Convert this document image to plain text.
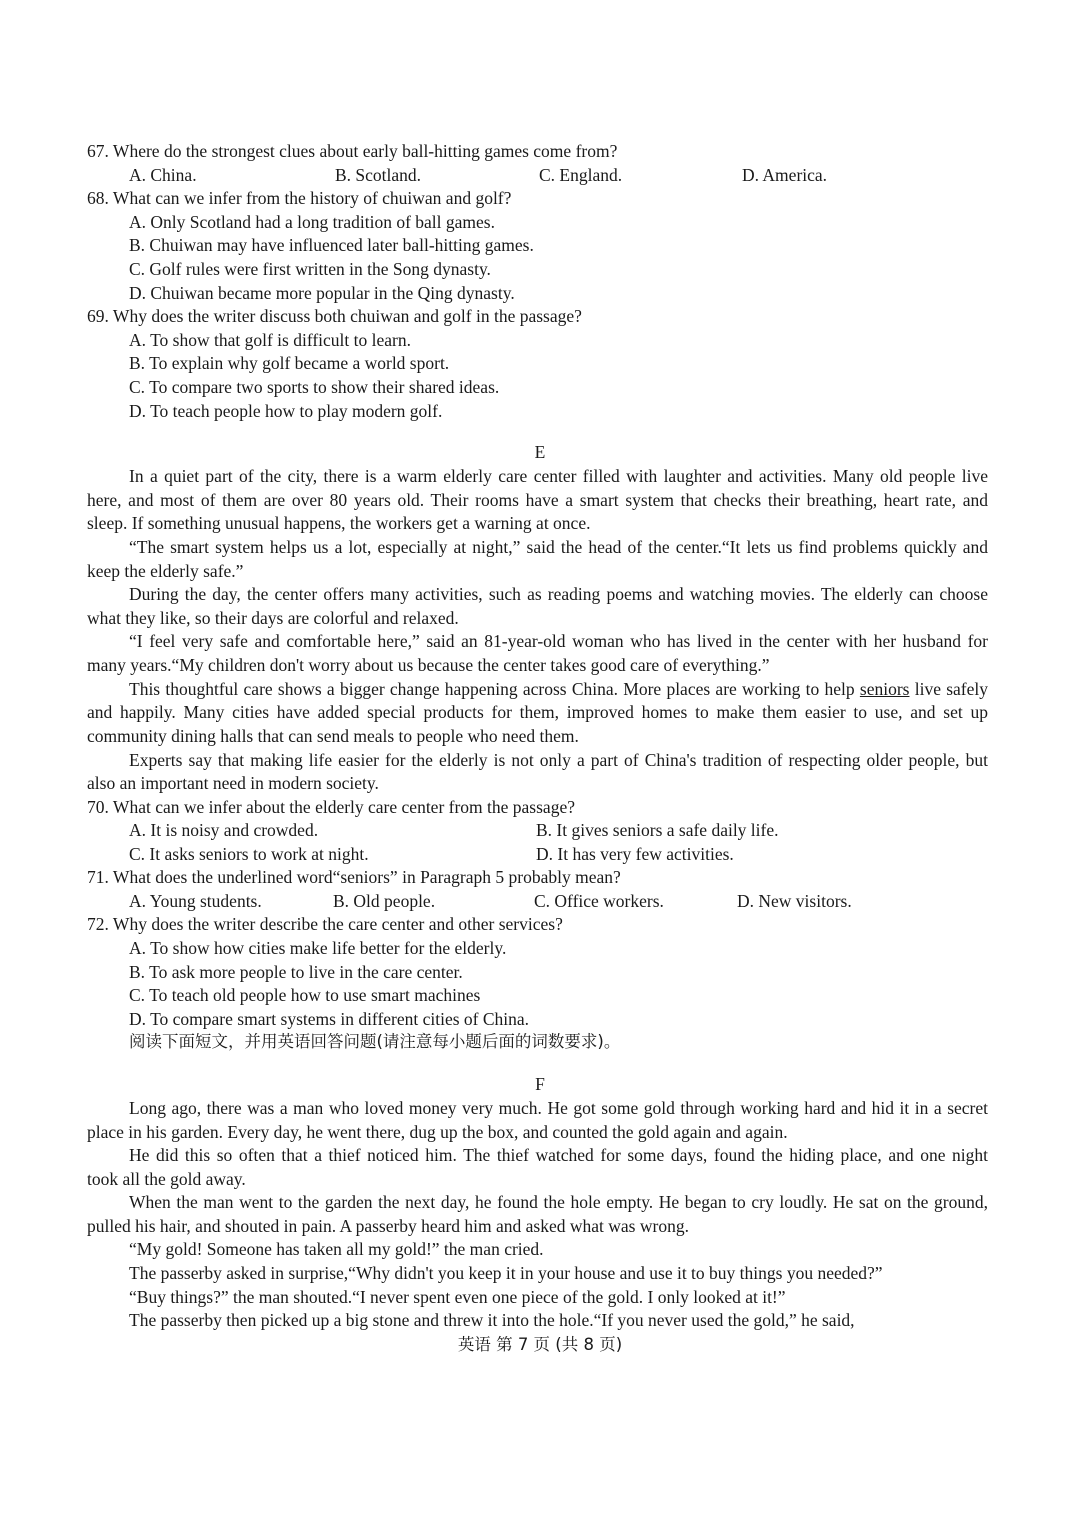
67. Where do the strongest clues about early ball-hitting games come from?
A. China.	B. Scotland.	C. England.	D. America.
68. What can we infer from the history of chuiwan and golf?
A. Only Scotland had a long tradition of ball games.
B. Chuiwan may have influenced later ball-hitting games.
C. Golf rules were first written in the Song dynasty.
D. Chuiwan became more popular in the Qing dynasty.
69. Why does the writer discuss both chuiwan and golf in the passage?
A. To show that golf is difficult to learn.
B. To explain why golf became a world sport.
C. To compare two sports to show their shared ideas.
D. To teach people how to play modern golf.
E
In a quiet part of the city, there is a warm elderly care center filled with laughter and activities. Many old people live
here, and most of them are over 80 years old. Their rooms have a smart system that checks their breathing, heart rate, and
sleep. If something unusual happens, the workers get a warning at once.
“The smart system helps us a lot, especially at night,” said the head of the center.“It lets us find problems quickly and
keep the elderly safe.”
During the day, the center offers many activities, such as reading poems and watching movies. The elderly can choose
what they like, so their days are colorful and relaxed.
“I feel very safe and comfortable here,” said an 81-year-old woman who has lived in the center with her husband for
many years.“My children don't worry about us because the center takes good care of everything.”
This thoughtful care shows a bigger change happening across China. More places are working to help seniors live safely
and happily. Many cities have added special products for them, improved homes to make them easier to use, and set up
community dining halls that can send meals to people who need them.
Experts say that making life easier for the elderly is not only a part of China's tradition of respecting older people, but
also an important need in modern society.
70. What can we infer about the elderly care center from the passage?
A. It is noisy and crowded.	B. It gives seniors a safe daily life.
C. It asks seniors to work at night.	D. It has very few activities.
71. What does the underlined word“seniors” in Paragraph 5 probably mean?
A. Young students.	B. Old people.	C. Office workers.	D. New visitors.
72. Why does the writer describe the care center and other services?
A. To show how cities make life better for the elderly.
B. To ask more people to live in the care center.
C. To teach old people how to use smart machines
D. To compare smart systems in different cities of China.
阅读下面短文，并用英语回答问题(请注意每小题后面的词数要求)。
F
Long ago, there was a man who loved money very much. He got some gold through working hard and hid it in a secret
place in his garden. Every day, he went there, dug up the box, and counted the gold again and again.
He did this so often that a thief noticed him. The thief watched for some days, found the hiding place, and one night
took all the gold away.
When the man went to the garden the next day, he found the hole empty. He began to cry loudly. He sat on the ground,
pulled his hair, and shouted in pain. A passerby heard him and asked what was wrong.
“My gold! Someone has taken all my gold!” the man cried.
The passerby asked in surprise,“Why didn't you keep it in your house and use it to buy things you needed?”
“Buy things?” the man shouted.“I never spent even one piece of the gold. I only looked at it!”
The passerby then picked up a big stone and threw it into the hole.“If you never used the gold,” he said,
英语 第 7 页 (共 8 页)
